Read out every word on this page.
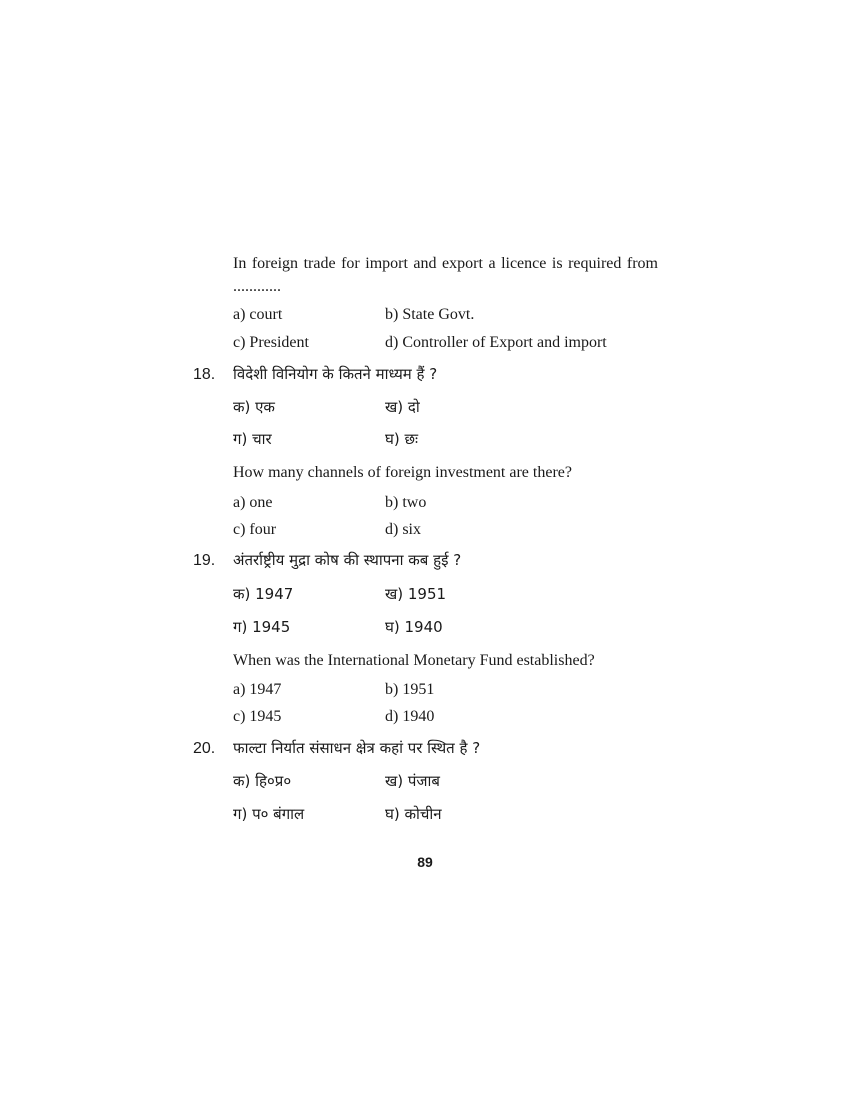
In foreign trade for import and export a licence is required from ............
a) court	b) State Govt.
c) President	d) Controller of Export and import
18. विदेशी विनियोग के कितने माध्यम हैं ?
क) एक	ख) दो
ग) चार	घ) छः
How many channels of foreign investment are there?
a) one	b) two
c) four	d) six
19. अंतर्राष्ट्रीय मुद्रा कोष की स्थापना कब हुई ?
क) 1947	ख) 1951
ग) 1945	घ) 1940
When was the International Monetary Fund established?
a) 1947	b) 1951
c) 1945	d) 1940
20. फाल्टा निर्यात संसाधन क्षेत्र कहां पर स्थित है ?
क) हि०प्र०	ख) पंजाब
ग) प० बंगाल	घ) कोचीन
89
